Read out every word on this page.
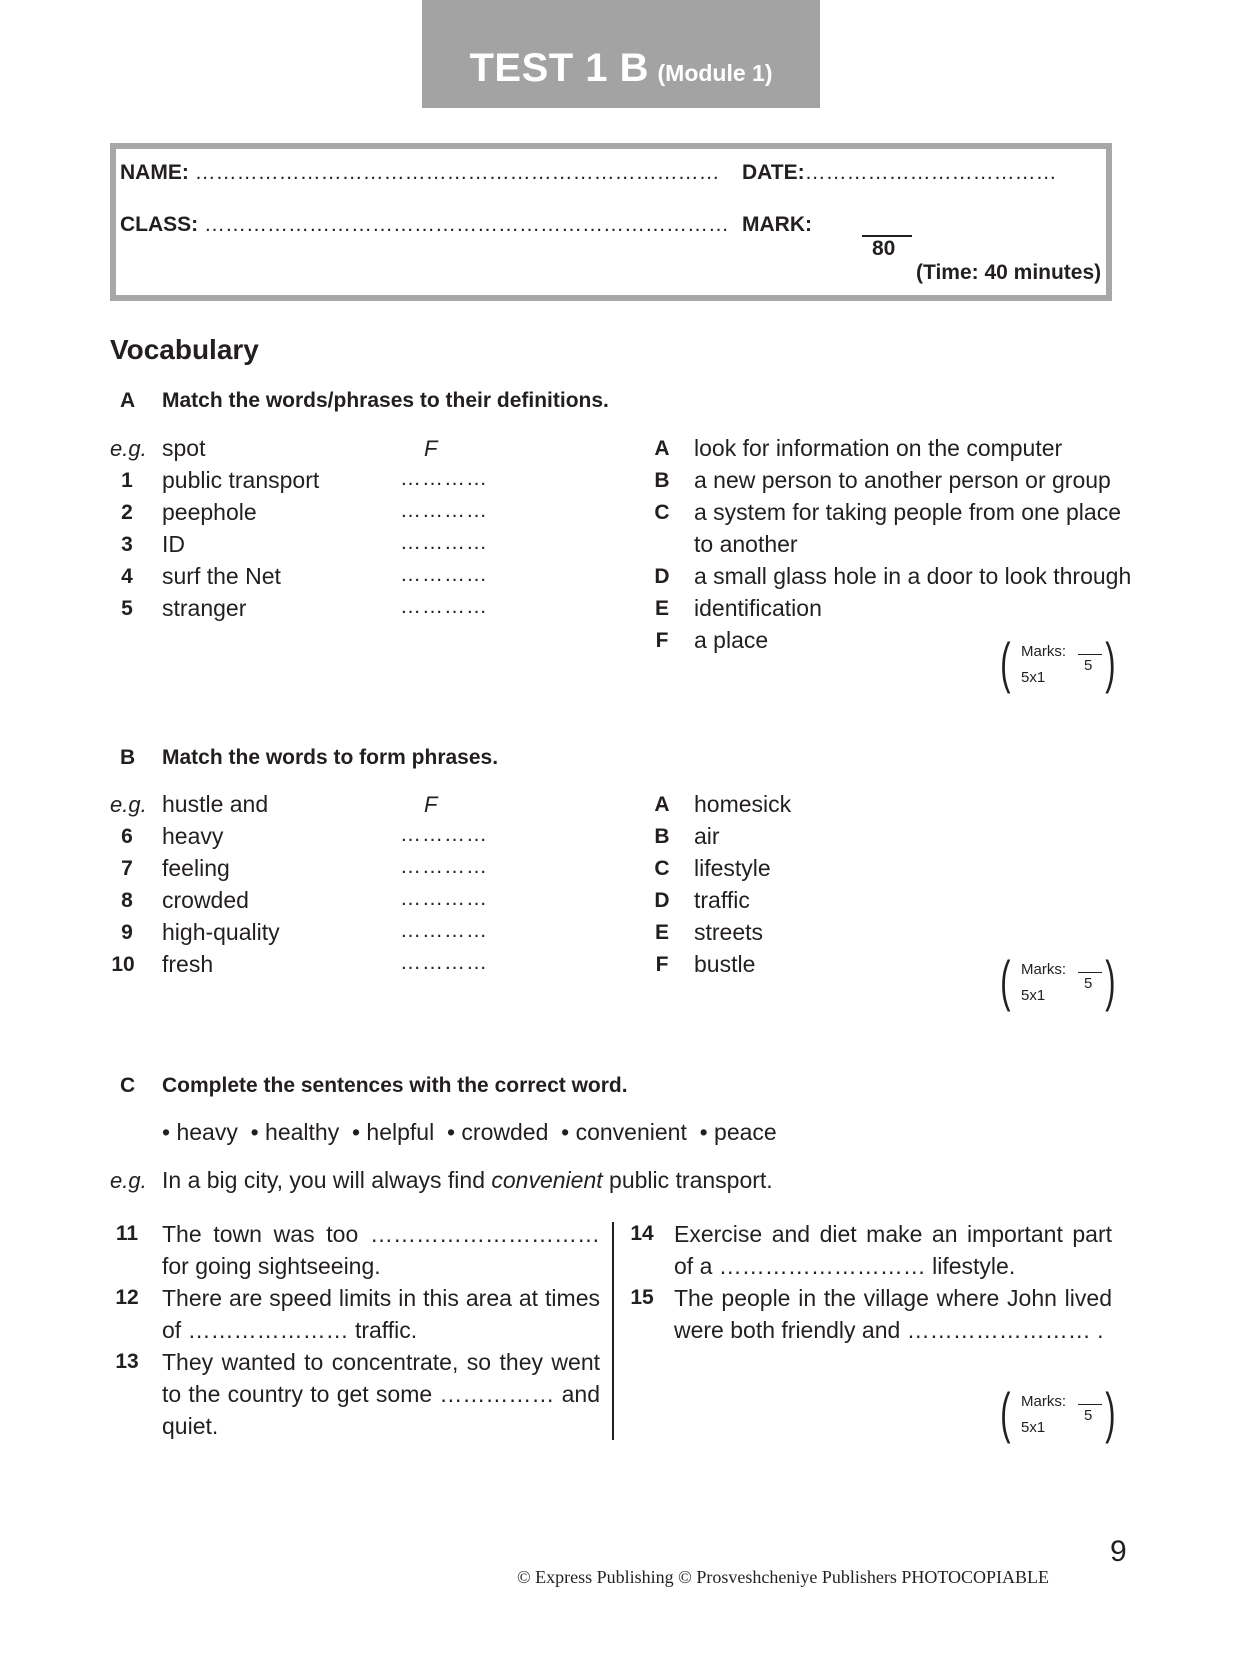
TEST 1 B (Module 1)
NAME: ………………………………………………………………… DATE:………………………………
CLASS: ………………………………………………………………… MARK:
80
(Time: 40 minutes)
Vocabulary
A Match the words/phrases to their definitions.
e.g. spot	F
1	public transport	…………
2	peephole	…………
3	ID	…………
4	surf the Net	…………
5	stranger	…………
A look for information on the computer
B a new person to another person or group
C a system for taking people from one place
to another
D a small glass hole in a door to look through
E identification
F a place	( Marks:
5
5x1 )
B Match the words to form phrases.
e.g. hustle and	F
6	heavy	…………
7	feeling	…………
8	crowded	…………
9	high-quality	…………
10	fresh	…………
A homesick
B air
C lifestyle
D traffic
E streets
F bustle	( Marks:
5
5x1 )
C Complete the sentences with the correct word.
• heavy  • healthy  • helpful  • crowded  • convenient  • peace
e.g. In a big city, you will always find convenient public transport.
11	The town was too ………………………… for going sightseeing.
12	There are speed limits in this area at times of ………………… traffic.
13	They wanted to concentrate, so they went to the country to get some …………… and quiet.
14 Exercise and diet make an important part of a ……………………… lifestyle.
15 The people in the village where John lived were both friendly and …………………… .
( Marks:
5
5x1 )
© Express Publishing © Prosveshcheniye Publishers PHOTOCOPIABLE
9
